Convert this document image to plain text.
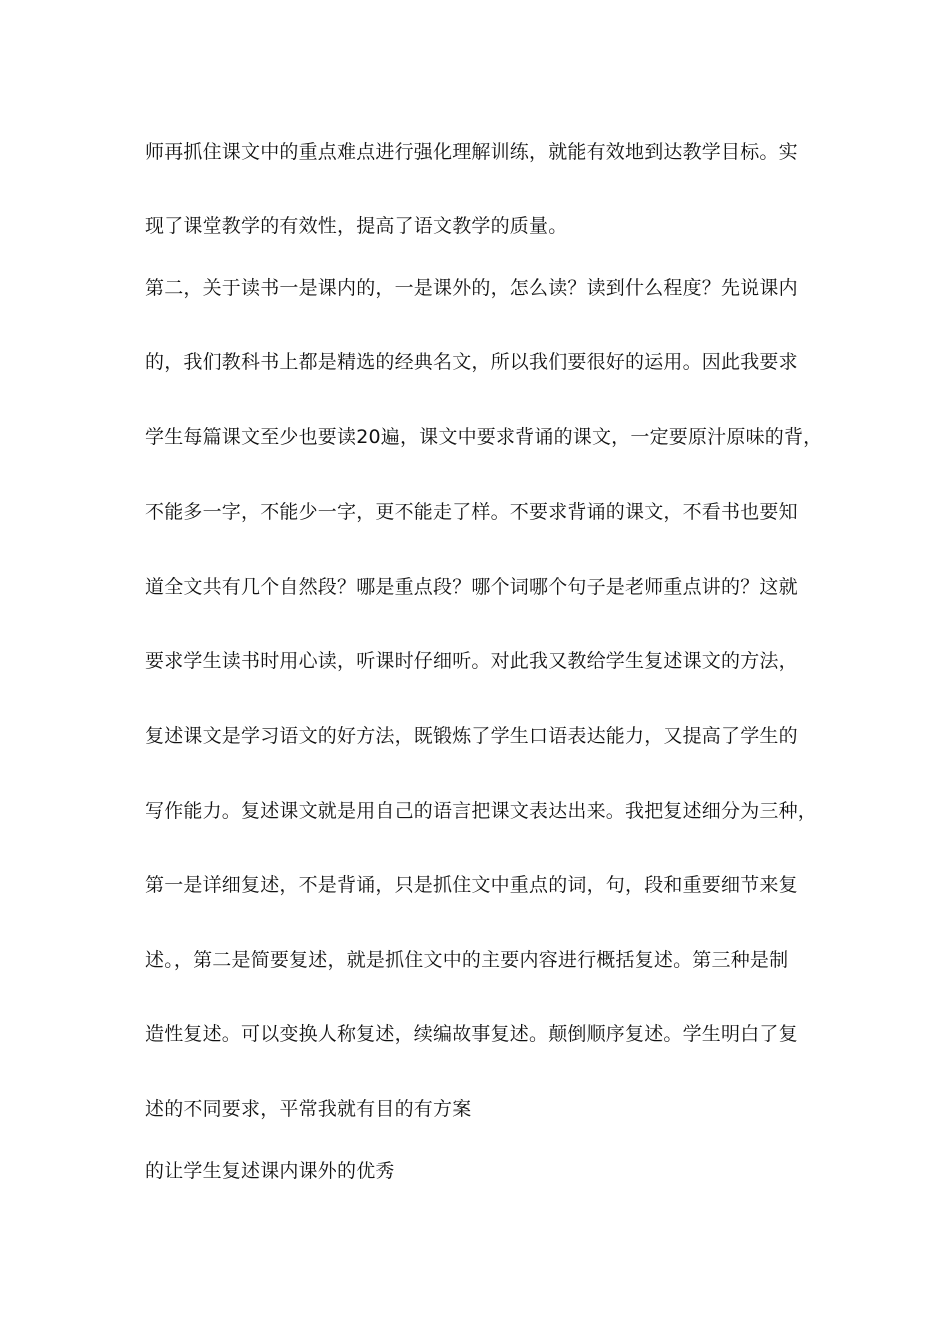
师再抓住课文中的重点难点进行强化理解训练，就能有效地到达教学目标。实
现了课堂教学的有效性，提高了语文教学的质量。
第二，关于读书一是课内的，一是课外的，怎么读？读到什么程度？先说课内
的，我们教科书上都是精选的经典名文，所以我们要很好的运用。因此我要求
学生每篇课文至少也要读20遍，课文中要求背诵的课文，一定要原汁原味的背，
不能多一字，不能少一字，更不能走了样。不要求背诵的课文，不看书也要知
道全文共有几个自然段？哪是重点段？哪个词哪个句子是老师重点讲的？这就
要求学生读书时用心读，听课时仔细听。对此我又教给学生复述课文的方法，
复述课文是学习语文的好方法，既锻炼了学生口语表达能力，又提高了学生的
写作能力。复述课文就是用自己的语言把课文表达出来。我把复述细分为三种，
第一是详细复述，不是背诵，只是抓住文中重点的词，句，段和重要细节来复
述。，第二是简要复述，就是抓住文中的主要内容进行概括复述。第三种是制
造性复述。可以变换人称复述，续编故事复述。颠倒顺序复述。学生明白了复
述的不同要求，平常我就有目的有方案
的让学生复述课内课外的优秀
